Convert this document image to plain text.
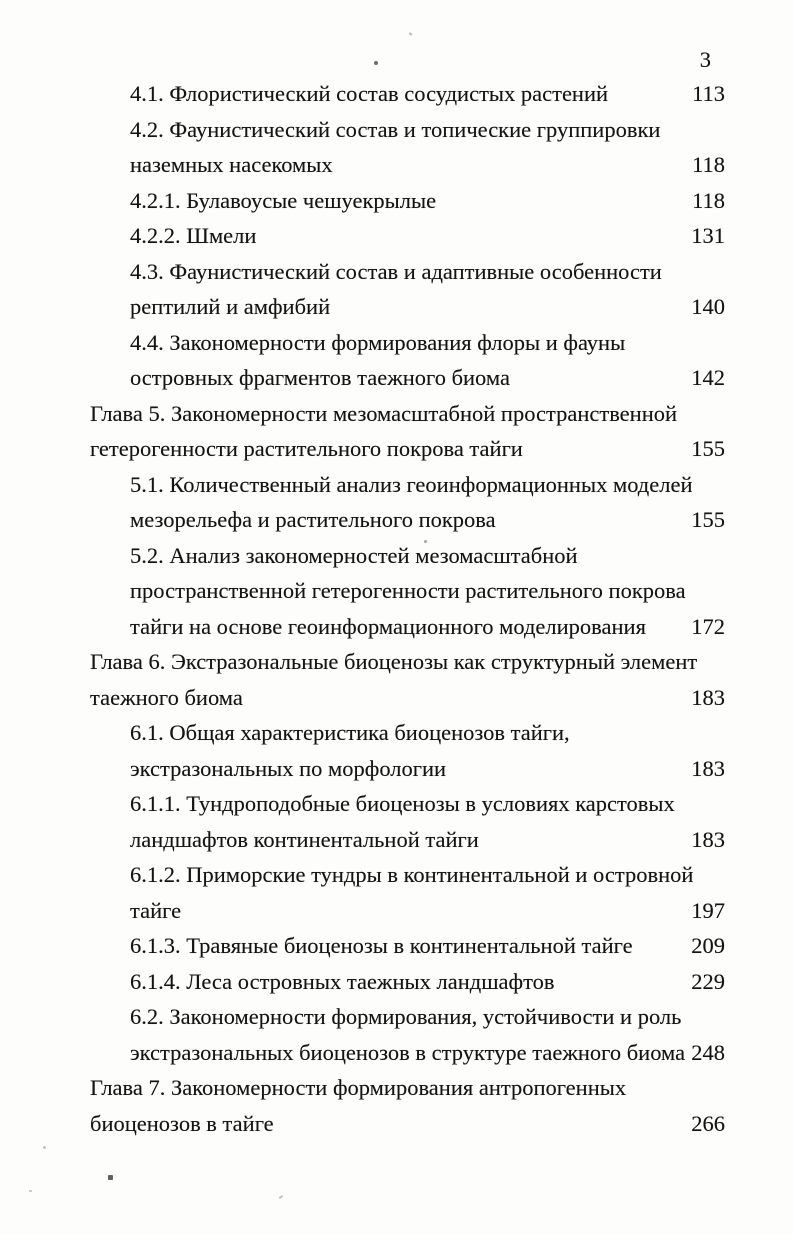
3
4.1. Флористический состав сосудистых растений	113
4.2. Фаунистический состав и топические группировки
наземных насекомых	118
4.2.1. Булавоусые чешуекрылые	118
4.2.2. Шмели	131
4.3. Фаунистический состав и адаптивные особенности
рептилий и амфибий	140
4.4. Закономерности формирования флоры и фауны
островных фрагментов таежного биома	142
Глава 5. Закономерности мезомасштабной пространственной
гетерогенности растительного покрова тайги	155
5.1. Количественный анализ геоинформационных моделей
мезорельефа и растительного покрова	155
5.2. Анализ закономерностей мезомасштабной
пространственной гетерогенности растительного покрова
тайги на основе геоинформационного моделирования 172
Глава 6. Экстразональные биоценозы как структурный элемент
таежного биома	183
6.1. Общая характеристика биоценозов тайги,
экстразональных по морфологии	183
6.1.1. Тундроподобные биоценозы в условиях карстовых
ландшафтов континентальной тайги	183
6.1.2. Приморские тундры в континентальной и островной
тайге	197
6.1.3. Травяные биоценозы в континентальной тайге	209
6.1.4. Леса островных таежных ландшафтов	229
6.2. Закономерности формирования, устойчивости и роль
экстразональных биоценозов в структуре таежного биома 248
Глава 7. Закономерности формирования антропогенных
биоценозов в тайге	266
